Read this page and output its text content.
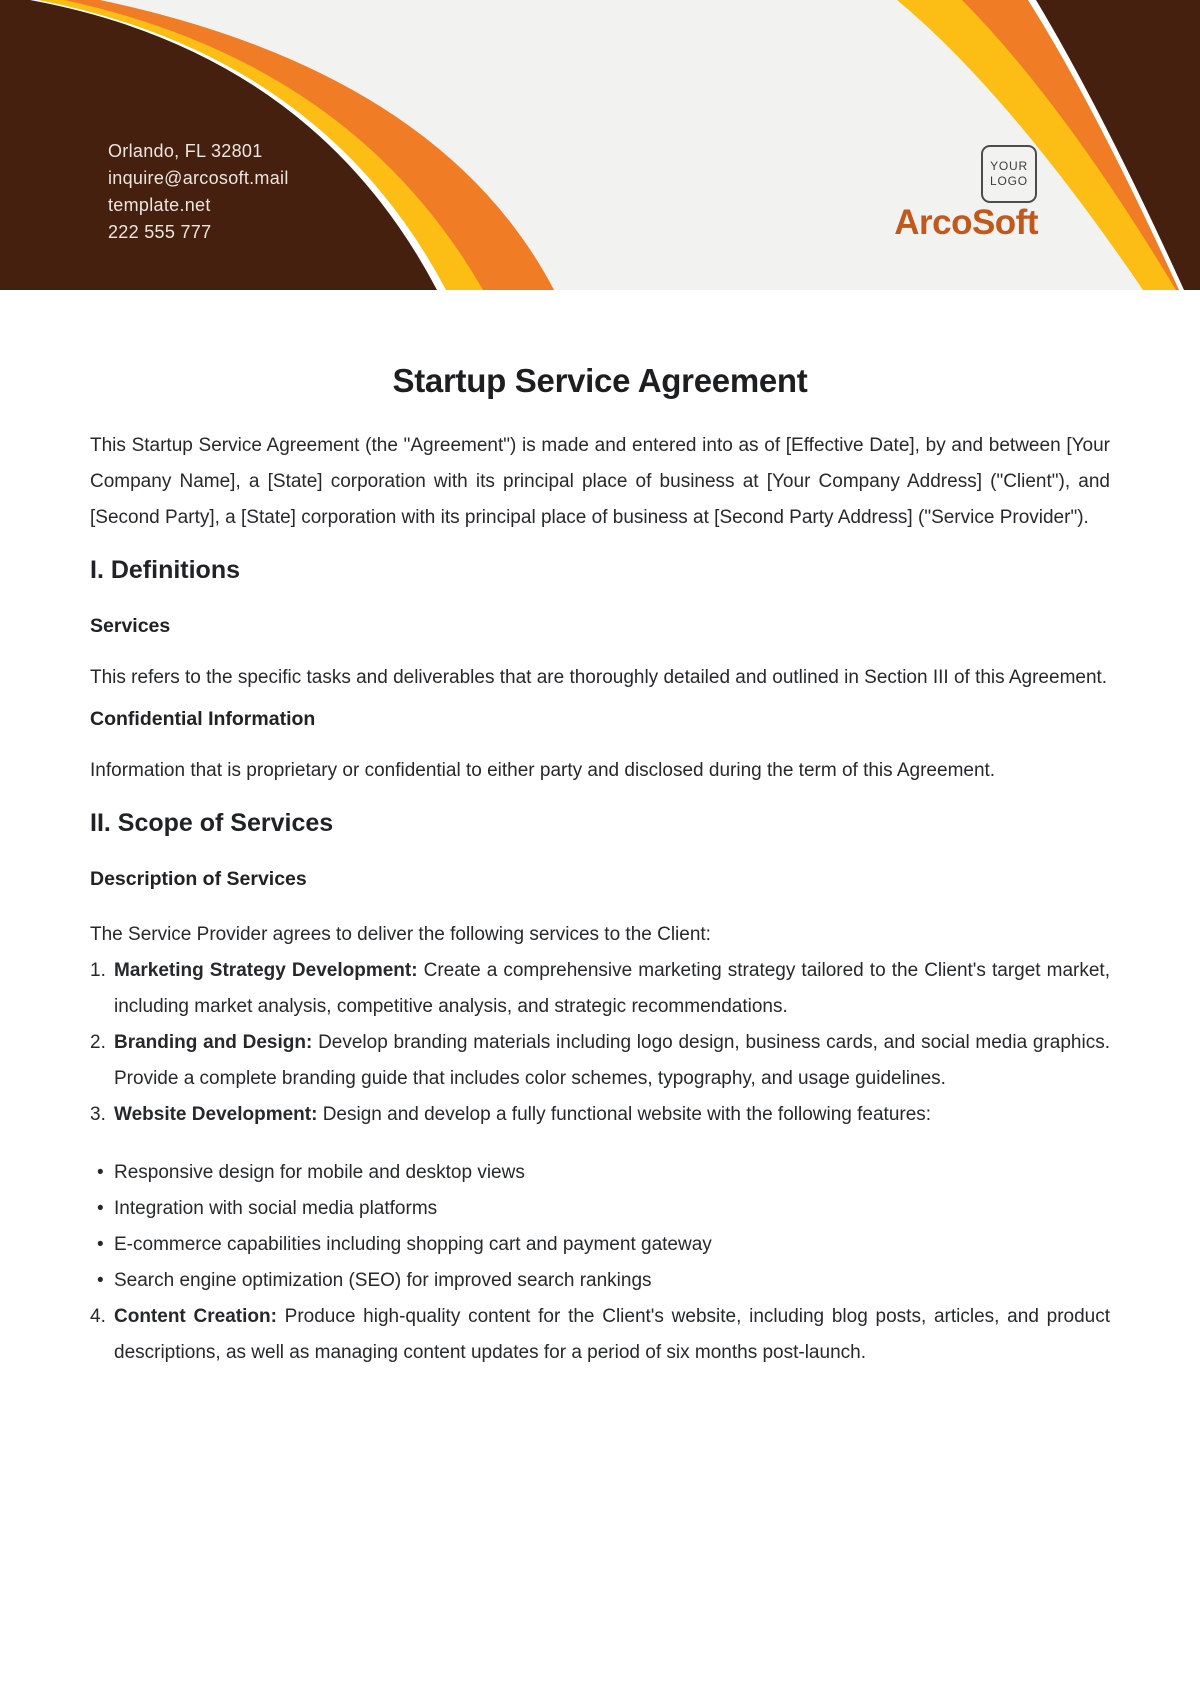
Orlando, FL 32801
inquire@arcosoft.mail
template.net
222 555 777
YOUR
LOGO
ArcoSoft
Startup Service Agreement

This Startup Service Agreement (the "Agreement") is made and entered into as of [Effective Date], by and between [Your Company Name], a [State] corporation with its principal place of business at [Your Company Address] ("Client"), and [Second Party], a [State] corporation with its principal place of business at [Second Party Address] ("Service Provider").

I. Definitions
Services

This refers to the specific tasks and deliverables that are thoroughly detailed and outlined in Section III of this Agreement.

Confidential Information

Information that is proprietary or confidential to either party and disclosed during the term of this Agreement.

II. Scope of Services
Description of Services

The Service Provider agrees to deliver the following services to the Client:

1. Marketing Strategy Development: Create a comprehensive marketing strategy tailored to the Client's target market, including market analysis, competitive analysis, and strategic recommendations.
2. Branding and Design: Develop branding materials including logo design, business cards, and social media graphics. Provide a complete branding guide that includes color schemes, typography, and usage guidelines.
3. Website Development: Design and develop a fully functional website with the following features:
• Responsive design for mobile and desktop views
• Integration with social media platforms
• E-commerce capabilities including shopping cart and payment gateway
• Search engine optimization (SEO) for improved search rankings
4. Content Creation: Produce high-quality content for the Client's website, including blog posts, articles, and product descriptions, as well as managing content updates for a period of six months post-launch.
